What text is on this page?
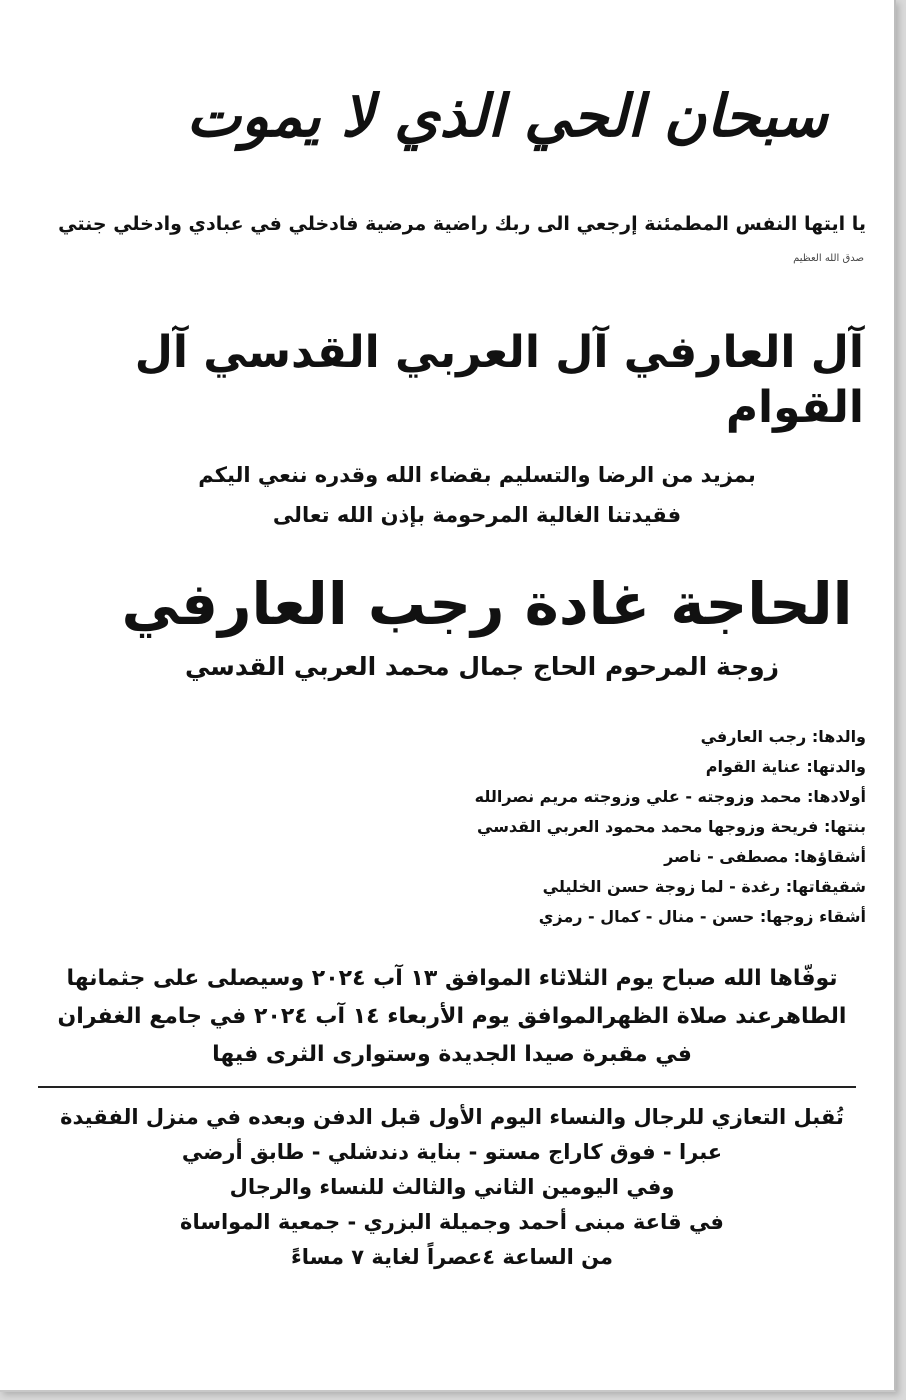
سبحان الحي الذي لا يموت

يا ايتها النفس المطمئنة إرجعي الى ربك راضية مرضية فادخلي في عبادي وادخلي جنتي

صدق الله العظيم

آل العارفي آل العربي القدسي آل القوام

بمزيد من الرضا والتسليم بقضاء الله وقدره ننعي اليكم

فقيدتنا الغالية المرحومة بإذن الله تعالى

الحاجة غادة رجب العارفي

زوجة المرحوم الحاج جمال محمد العربي القدسي

والدها: رجب العارفي
والدتها: عناية القوام
أولادها: محمد وزوجته - علي وزوجته مريم نصرالله
بنتها: فريحة وزوجها محمد محمود العربي القدسي
أشقاؤها: مصطفى - ناصر
شقيقاتها: رغدة - لما زوجة حسن الخليلي
أشقاء زوجها: حسن - منال - كمال - رمزي
توفّاها الله صباح يوم الثلاثاء الموافق ١٣ آب ٢٠٢٤ وسيصلى على جثمانها
الطاهرعند صلاة الظهرالموافق يوم الأربعاء ١٤ آب ٢٠٢٤ في جامع الغفران
في مقبرة صيدا الجديدة وستوارى الثرى فيها
تُقبل التعازي للرجال والنساء اليوم الأول قبل الدفن وبعده في منزل الفقيدة
عبرا - فوق كاراج مستو - بناية دندشلي - طابق أرضي
وفي اليومين الثاني والثالث للنساء والرجال
في قاعة مبنى أحمد وجميلة البزري - جمعية المواساة
من الساعة ٤عصراً لغاية ٧ مساءً
